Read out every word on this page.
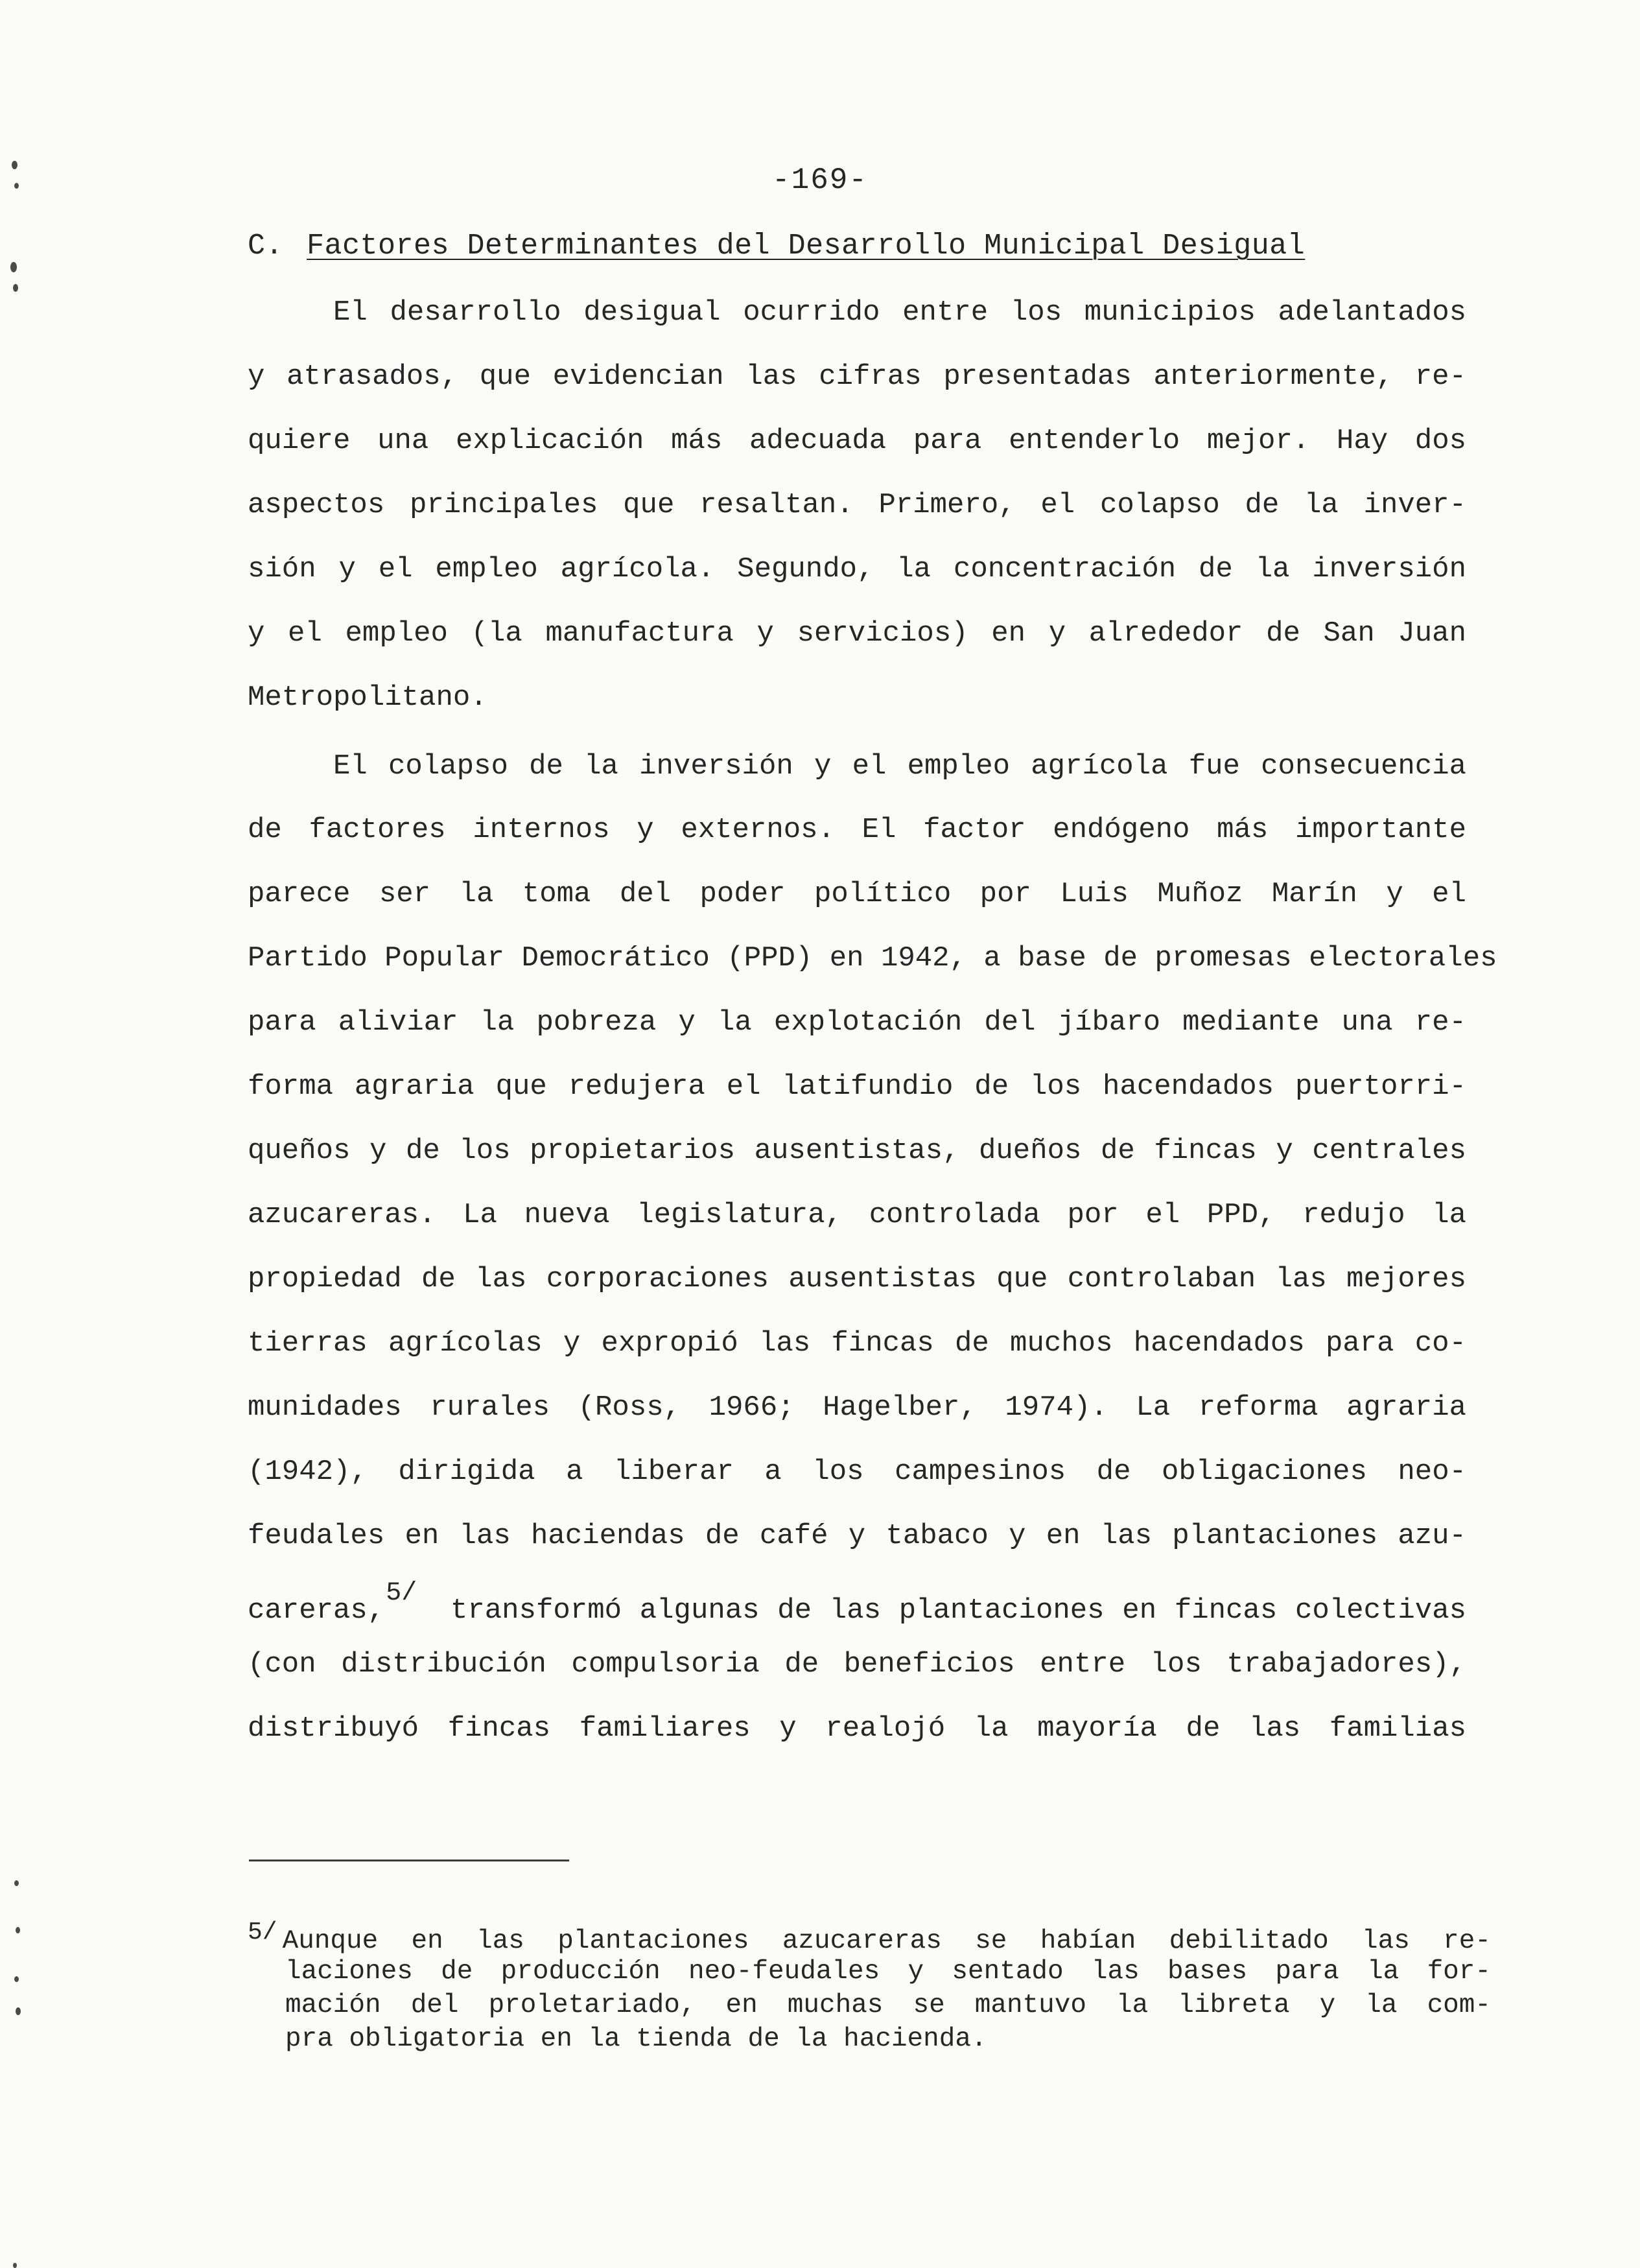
-169-
C. Factores Determinantes del Desarrollo Municipal Desigual
El desarrollo desigual ocurrido entre los municipios adelantados
y atrasados, que evidencian las cifras presentadas anteriormente, re-
quiere una explicación más adecuada para entenderlo mejor. Hay dos
aspectos principales que resaltan. Primero, el colapso de la inver-
sión y el empleo agrícola. Segundo, la concentración de la inversión
y el empleo (la manufactura y servicios) en y alrededor de San Juan
Metropolitano.
El colapso de la inversión y el empleo agrícola fue consecuencia
de factores internos y externos. El factor endógeno más importante
parece ser la toma del poder político por Luis Muñoz Marín y el
Partido Popular Democrático (PPD) en 1942, a base de promesas electorales
para aliviar la pobreza y la explotación del jíbaro mediante una re-
forma agraria que redujera el latifundio de los hacendados puertorri-
queños y de los propietarios ausentistas, dueños de fincas y centrales
azucareras. La nueva legislatura, controlada por el PPD, redujo la
propiedad de las corporaciones ausentistas que controlaban las mejores
tierras agrícolas y expropió las fincas de muchos hacendados para co-
munidades rurales (Ross, 1966; Hagelber, 1974). La reforma agraria
(1942), dirigida a liberar a los campesinos de obligaciones neo-
feudales en las haciendas de café y tabaco y en las plantaciones azu-
careras,5/ transformó algunas de las plantaciones en fincas colectivas
(con distribución compulsoria de beneficios entre los trabajadores),
distribuyó fincas familiares y realojó la mayoría de las familias
5/ Aunque en las plantaciones azucareras se habían debilitado las re-
laciones de producción neo-feudales y sentado las bases para la for-
mación del proletariado, en muchas se mantuvo la libreta y la com-
pra obligatoria en la tienda de la hacienda.
